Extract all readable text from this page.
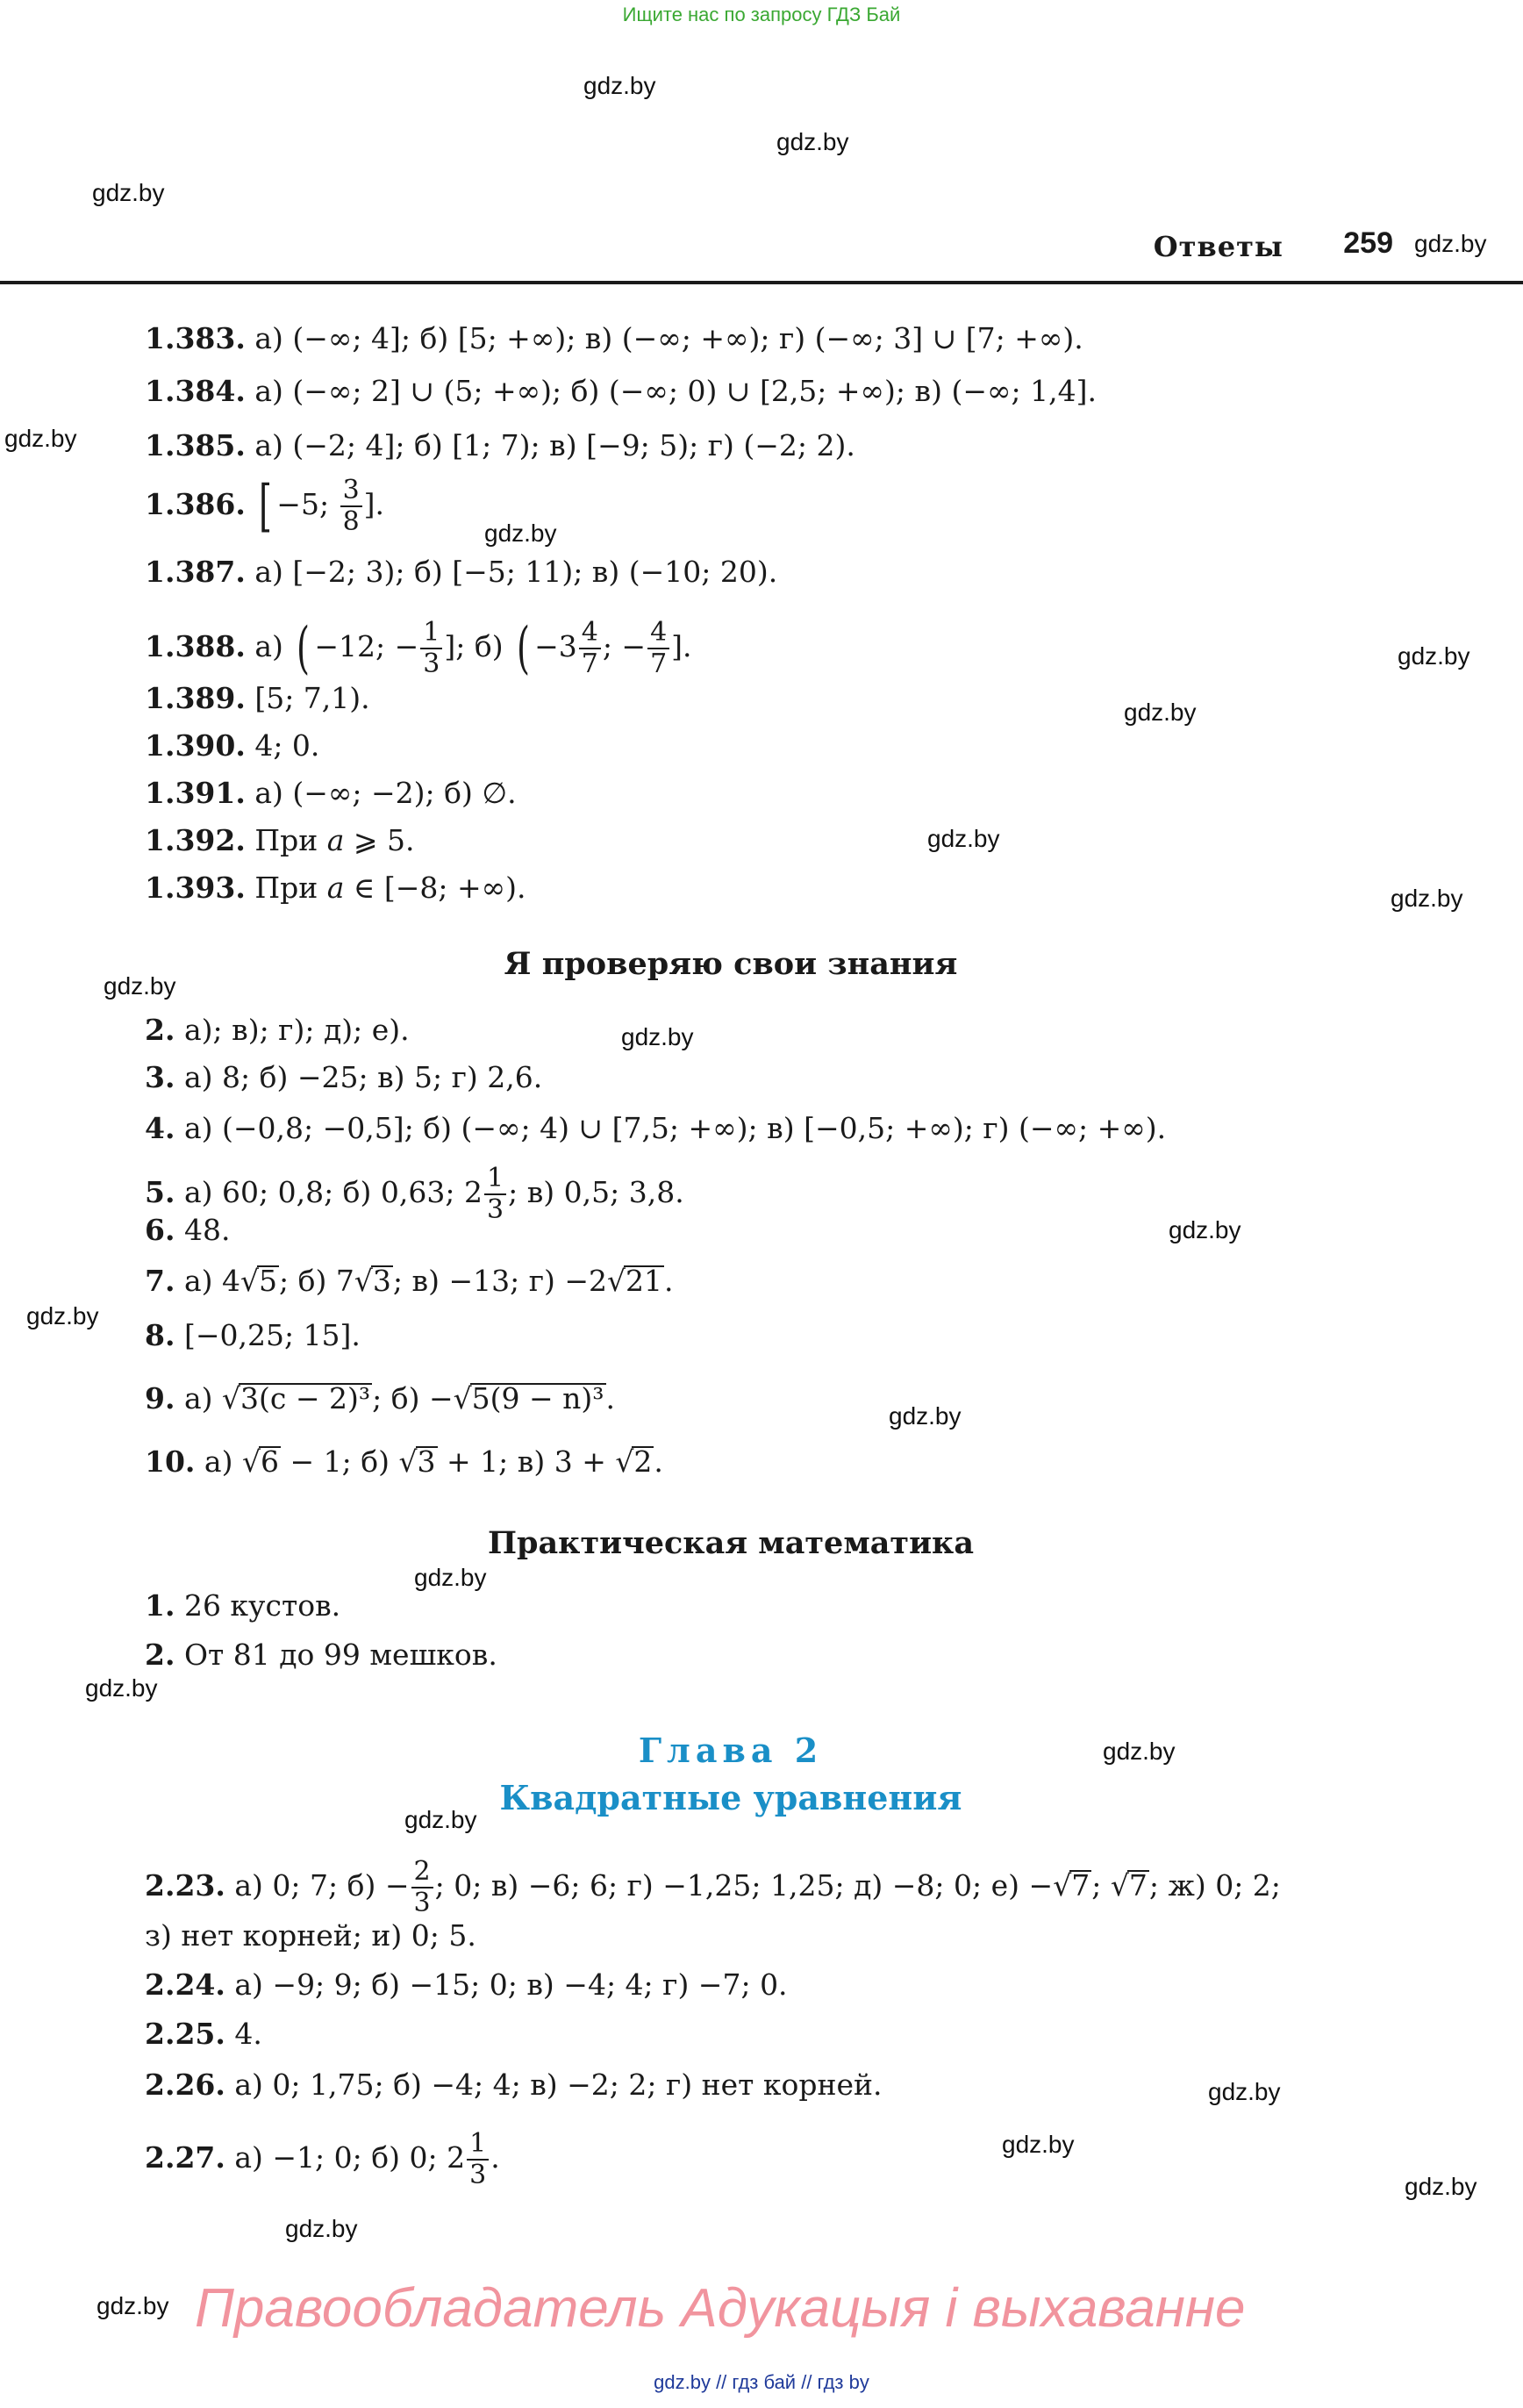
Ищите нас по запросу ГДЗ Бай
gdz.by
gdz.by
gdz.by
gdz.by
gdz.by
gdz.by
gdz.by
gdz.by
gdz.by
gdz.by
gdz.by
gdz.by
gdz.by
gdz.by
gdz.by
gdz.by
gdz.by
gdz.by
gdz.by
gdz.by
gdz.by
gdz.by
gdz.by
gdz.by
Ответы 259
1.383. а) (−∞; 4]; б) [5; +∞); в) (−∞; +∞); г) (−∞; 3] ∪ [7; +∞).
1.384. а) (−∞; 2] ∪ (5; +∞); б) (−∞; 0) ∪ [2,5; +∞); в) (−∞; 1,4].
1.385. а) (−2; 4]; б) [1; 7); в) [−9; 5); г) (−2; 2).
1.386. [ −5; $\frac{3}{8}$ ].
1.387. а) [−2; 3); б) [−5; 11); в) (−10; 20).
1.388. а) ( −12; − $\frac{1}{3}$ ]; б) ( $-3 \frac{4}{7}$ ; − $\frac{4}{7}$ ].
1.389. [5; 7,1).
1.390. 4; 0.
1.391. а) (−∞; −2); б) ∅.
1.392. При a ⩾ 5.
1.393. При a ∈ [−8; +∞).
Я проверяю свои знания
2. а); в); г); д); е).
3. а) 8; б) −25; в) 5; г) 2,6.
4. а) (−0,8; −0,5]; б) (−∞; 4) ∪ [7,5; +∞); в) [−0,5; +∞); г) (−∞; +∞).
5. а) 60; 0,8; б) 0,63; $2 \frac{1}{3}$ ; в) 0,5; 3,8.
6. 48.
7. а) 4√5; б) 7√3; в) −13; г) −2√21.
8. [−0,25; 15].
9. а) √3(c − 2)³; б) −√5(9 − n)³.
10. а) √6 − 1; б) √3 + 1; в) 3 + √2.
Практическая математика
1. 26 кустов.
2. От 81 до 99 мешков.
Глава 2
Квадратные уравнения
2.23. а) 0; 7; $б) - \frac{2}{3}$ ; 0; в) −6; 6; г) −1,25; 1,25; д) −8; 0; е) −√7; √7; ж) 0; 2;
з) нет корней; и) 0; 5.
2.24. а) −9; 9; б) −15; 0; в) −4; 4; г) −7; 0.
2.25. 4.
2.26. а) 0; 1,75; б) −4; 4; в) −2; 2; г) нет корней.
2.27. а) −1; 0; б) 0; $2 \frac{1}{3}$ .
Правообладатель Адукацыя і выхаванне
gdz.by // гдз бай // гдз by
